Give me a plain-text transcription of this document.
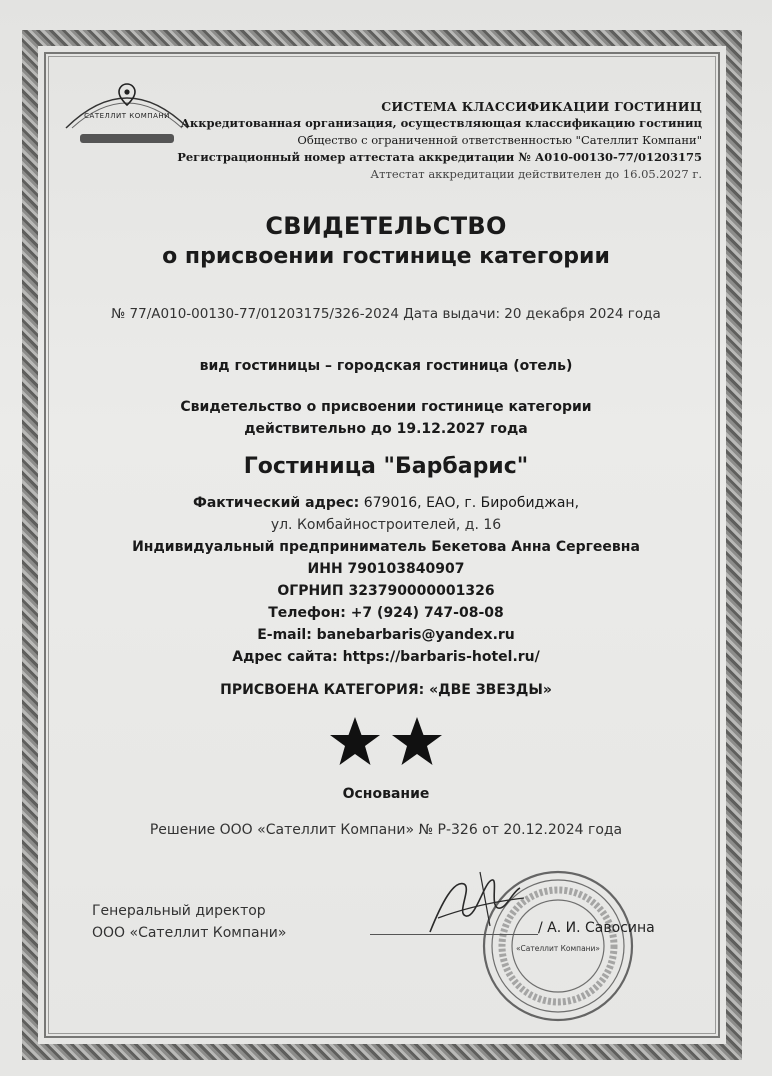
САТЕЛЛИТ КОМПАНИ
СИСТЕМА КЛАССИФИКАЦИИ ГОСТИНИЦ
Аккредитованная организация, осуществляющая классификацию гостиниц
Общество с ограниченной ответственностью "Сателлит Компани"
Регистрационный номер аттестата аккредитации № А010-00130-77/01203175
Аттестат аккредитации действителен до 16.05.2027 г.
СВИДЕТЕЛЬСТВО
о присвоении гостинице категории
№ 77/А010-00130-77/01203175/326-2024 Дата выдачи: 20 декабря 2024 года
вид гостиницы – городская гостиница (отель)
Свидетельство о присвоении гостинице категории
действительно до 19.12.2027 года
Гостиница "Барбарис"
Фактический адрес: 679016, ЕАО, г. Биробиджан,
ул. Комбайностроителей, д. 16
Индивидуальный предприниматель Бекетова Анна Сергеевна
ИНН 790103840907
ОГРНИП 323790000001326
Телефон: +7 (924) 747-08-08
E-mail: banebarbaris@yandex.ru
Адрес сайта: https://barbaris-hotel.ru/
ПРИСВОЕНА КАТЕГОРИЯ: «ДВЕ ЗВЕЗДЫ»
Основание
Решение ООО «Сателлит Компани» № Р-326 от 20.12.2024 года
Генеральный директор
ООО «Сателлит Компани»
«Сателлит Компани»
/ А. И. Савосина
